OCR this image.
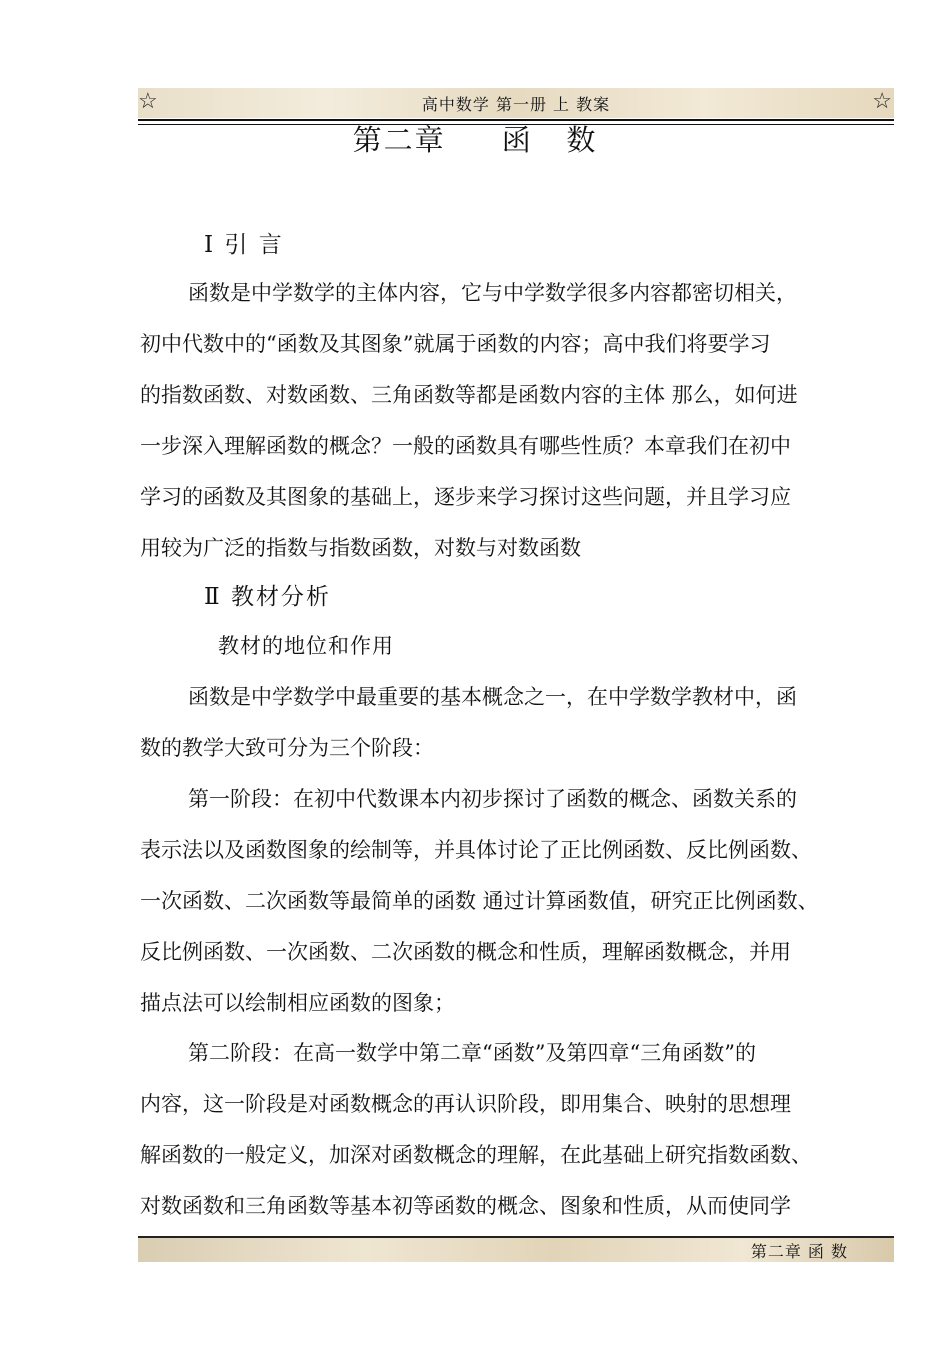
☆	高中数学 第一册 上 教案	☆
第二章     函   数
Ⅰ 引 言
函数是中学数学的主体内容，它与中学数学很多内容都密切相关，
初中代数中的“函数及其图象”就属于函数的内容；高中我们将要学习
的指数函数、对数函数、三角函数等都是函数内容的主体 那么，如何进
一步深入理解函数的概念？一般的函数具有哪些性质？本章我们在初中
学习的函数及其图象的基础上，逐步来学习探讨这些问题，并且学习应
用较为广泛的指数与指数函数，对数与对数函数
Ⅱ 教材分析
教材的地位和作用
函数是中学数学中最重要的基本概念之一，在中学数学教材中，函
数的教学大致可分为三个阶段：
第一阶段：在初中代数课本内初步探讨了函数的概念、函数关系的
表示法以及函数图象的绘制等，并具体讨论了正比例函数、反比例函数、
一次函数、二次函数等最简单的函数 通过计算函数值，研究正比例函数、
反比例函数、一次函数、二次函数的概念和性质，理解函数概念，并用
描点法可以绘制相应函数的图象；
第二阶段：在高一数学中第二章“函数”及第四章“三角函数”的
内容，这一阶段是对函数概念的再认识阶段，即用集合、映射的思想理
解函数的一般定义，加深对函数概念的理解，在此基础上研究指数函数、
对数函数和三角函数等基本初等函数的概念、图象和性质，从而使同学
第二章 函 数
